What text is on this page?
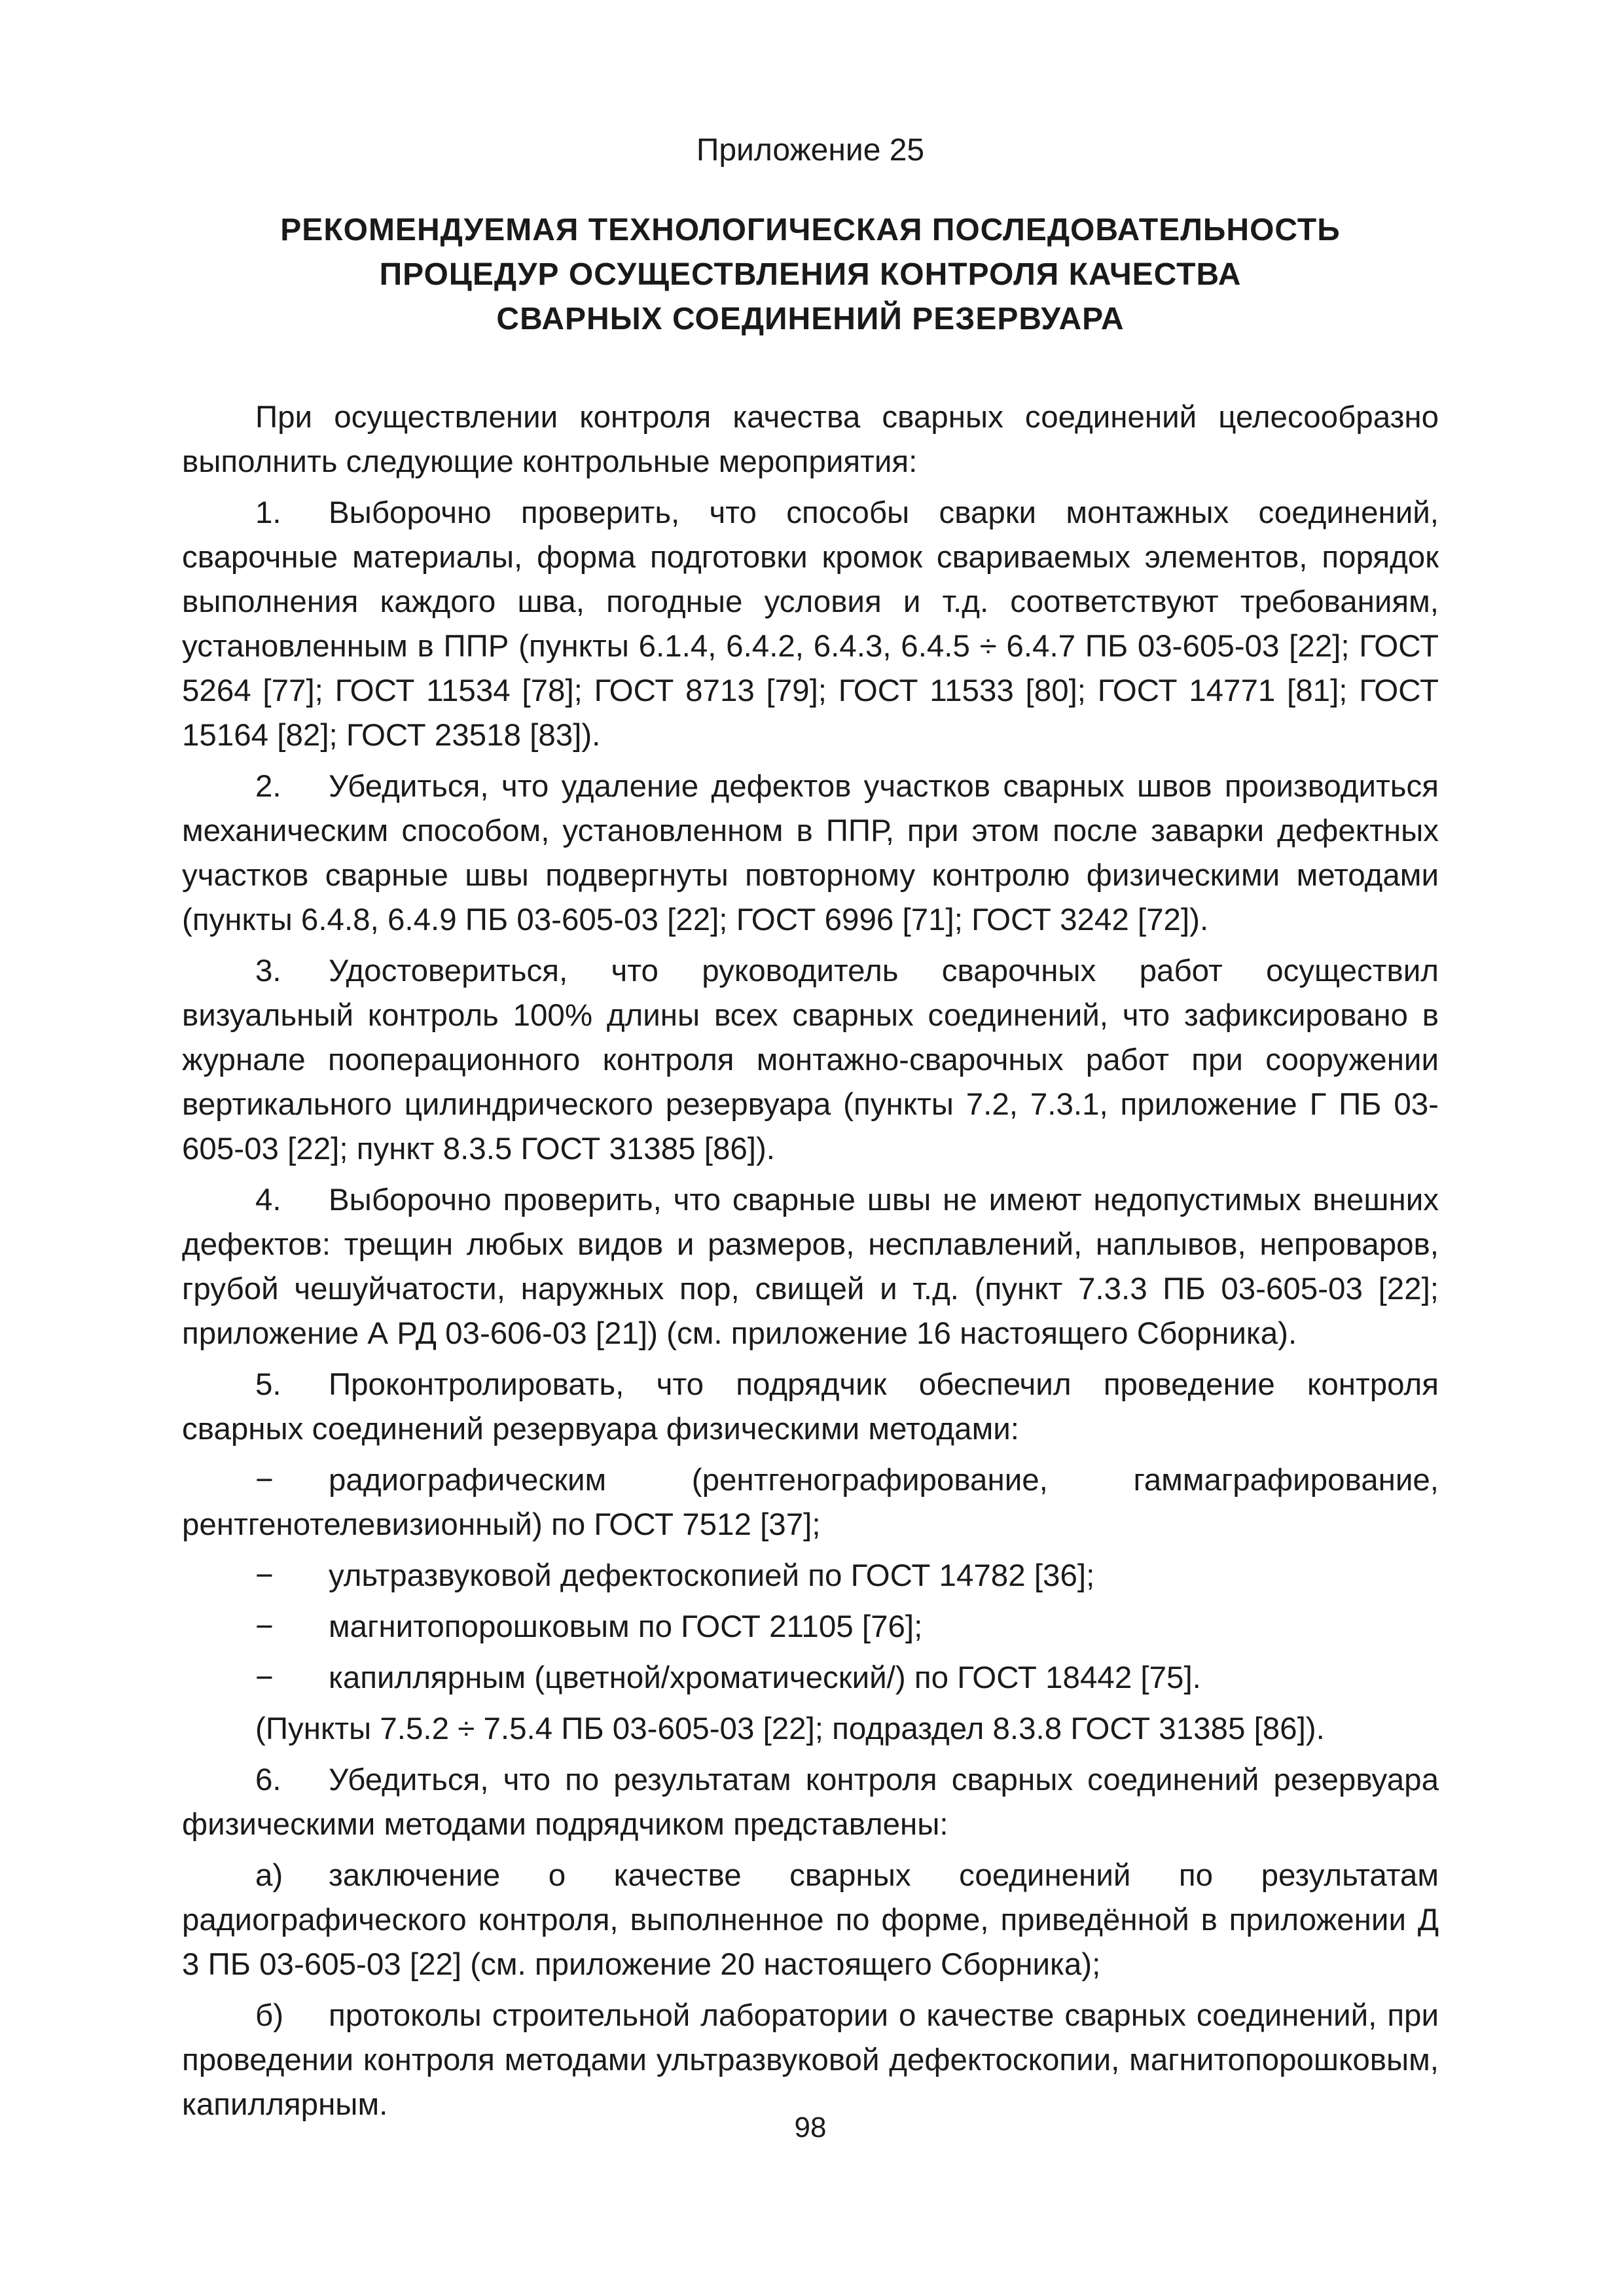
Приложение 25
РЕКОМЕНДУЕМАЯ ТЕХНОЛОГИЧЕСКАЯ ПОСЛЕДОВАТЕЛЬНОСТЬ
ПРОЦЕДУР ОСУЩЕСТВЛЕНИЯ КОНТРОЛЯ КАЧЕСТВА
СВАРНЫХ СОЕДИНЕНИЙ РЕЗЕРВУАРА

При осуществлении контроля качества сварных соединений целесообразно выполнить следующие контрольные мероприятия:

1. Выборочно проверить, что способы сварки монтажных соединений, сварочные материалы, форма подготовки кромок свариваемых элементов, порядок выполнения каждого шва, погодные условия и т.д. соответствуют требованиям, установленным в ППР (пункты 6.1.4, 6.4.2, 6.4.3, 6.4.5 ÷ 6.4.7 ПБ 03-605-03 [22]; ГОСТ 5264 [77]; ГОСТ 11534 [78]; ГОСТ 8713 [79]; ГОСТ 11533 [80]; ГОСТ 14771 [81]; ГОСТ 15164 [82]; ГОСТ 23518 [83]).

2. Убедиться, что удаление дефектов участков сварных швов производиться механическим способом, установленном в ППР, при этом после заварки дефектных участков сварные швы подвергнуты повторному контролю физическими методами (пункты 6.4.8, 6.4.9 ПБ 03-605-03 [22]; ГОСТ 6996 [71]; ГОСТ 3242 [72]).

3. Удостовериться, что руководитель сварочных работ осуществил визуальный контроль 100% длины всех сварных соединений, что зафиксировано в журнале пооперационного контроля монтажно-сварочных работ при сооружении вертикального цилиндрического резервуара (пункты 7.2, 7.3.1, приложение Г ПБ 03-605-03 [22]; пункт 8.3.5 ГОСТ 31385 [86]).

4. Выборочно проверить, что сварные швы не имеют недопустимых внешних дефектов: трещин любых видов и размеров, несплавлений, наплывов, непроваров, грубой чешуйчатости, наружных пор, свищей и т.д. (пункт 7.3.3 ПБ 03-605-03 [22]; приложение А РД 03-606-03 [21]) (см. приложение 16 настоящего Сборника).

5. Проконтролировать, что подрядчик обеспечил проведение контроля сварных соединений резервуара физическими методами:

− радиографическим (рентгенографирование, гаммаграфирование, рентгенотелевизионный) по ГОСТ 7512 [37];

− ультразвуковой дефектоскопией по ГОСТ 14782 [36];

− магнитопорошковым по ГОСТ 21105 [76];

− капиллярным (цветной/хроматический/) по ГОСТ 18442 [75].

(Пункты 7.5.2 ÷ 7.5.4 ПБ 03-605-03 [22]; подраздел 8.3.8 ГОСТ 31385 [86]).

6. Убедиться, что по результатам контроля сварных соединений резервуара физическими методами подрядчиком представлены:

а) заключение о качестве сварных соединений по результатам радиографического контроля, выполненное по форме, приведённой в приложении Д 3 ПБ 03-605-03 [22] (см. приложение 20 настоящего Сборника);

б) протоколы строительной лаборатории о качестве сварных соединений, при проведении контроля методами ультразвуковой дефектоскопии, магнитопорошковым, капиллярным.

98
